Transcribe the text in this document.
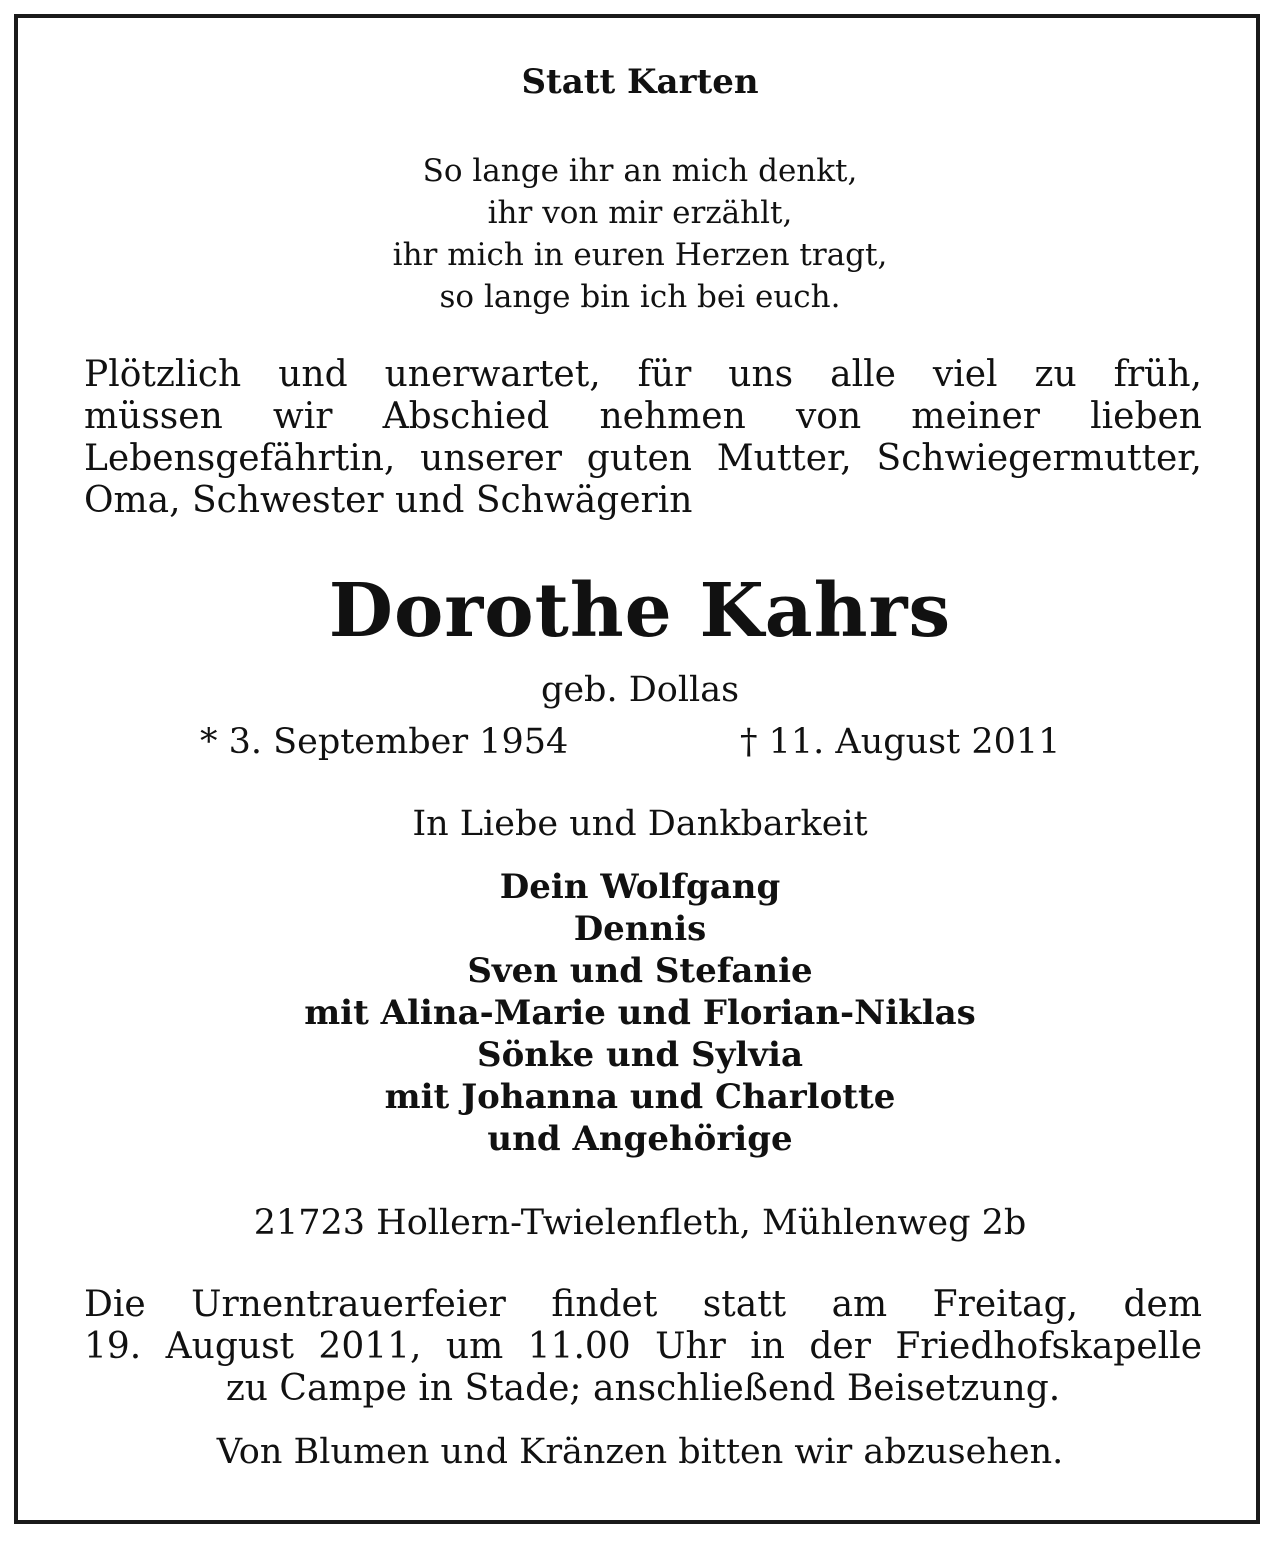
Statt Karten
So lange ihr an mich denkt,
ihr von mir erzählt,
ihr mich in euren Herzen tragt,
so lange bin ich bei euch.
Plötzlich und unerwartet, für uns alle viel zu früh,
müssen wir Abschied nehmen von meiner lieben
Lebensgefährtin, unserer guten Mutter, Schwiegermutter,
Oma, Schwester und Schwägerin
Dorothe Kahrs
geb. Dollas
* 3. September 1954	† 11. August 2011
In Liebe und Dankbarkeit
Dein Wolfgang
Dennis
Sven und Stefanie
mit Alina-Marie und Florian-Niklas
Sönke und Sylvia
mit Johanna und Charlotte
und Angehörige
21723 Hollern-Twielenfleth, Mühlenweg 2b
Die Urnentrauerfeier findet statt am Freitag, dem
19. August 2011, um 11.00 Uhr in der Friedhofskapelle
zu Campe in Stade; anschließend Beisetzung.
Von Blumen und Kränzen bitten wir abzusehen.
